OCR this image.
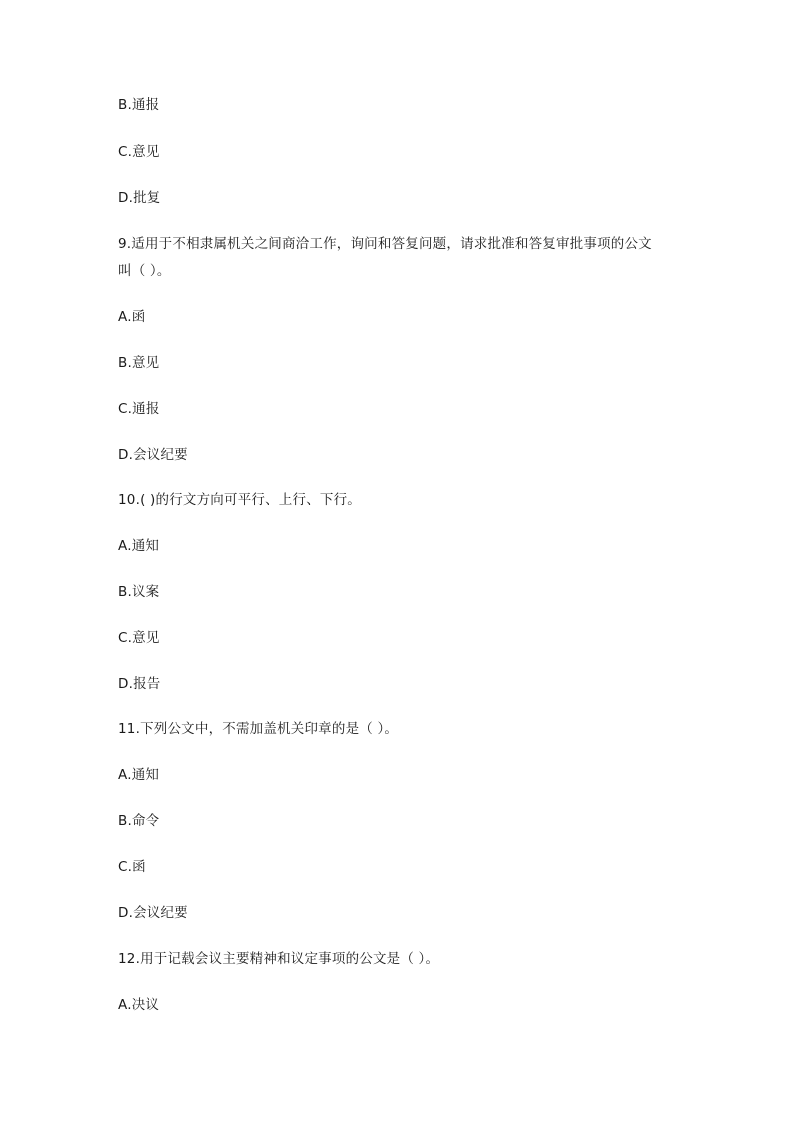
B.通报
C.意见
D.批复
9.适用于不相隶属机关之间商洽工作，询问和答复问题，请求批准和答复审批事项的公文
叫（ ）。
A.函
B.意见
C.通报
D.会议纪要
10.( )的行文方向可平行、上行、下行。
A.通知
B.议案
C.意见
D.报告
11.下列公文中，不需加盖机关印章的是（ ）。
A.通知
B.命令
C.函
D.会议纪要
12.用于记载会议主要精神和议定事项的公文是（ ）。
A.决议
